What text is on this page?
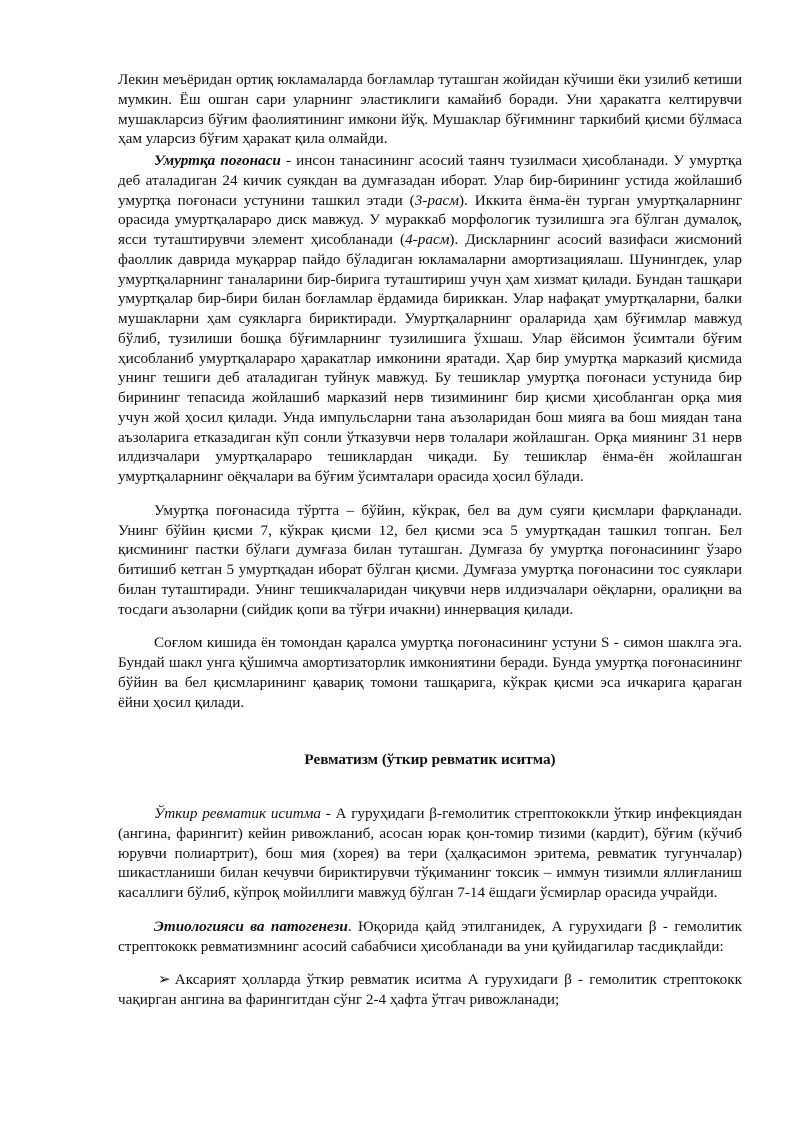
Лекин меъёридан ортиқ юкламаларда боғламлар туташган жойидан кўчиши ёки узилиб кетиши мумкин. Ёш ошган сари уларнинг эластиклиги камайиб боради. Уни ҳаракатга келтирувчи мушакларсиз бўғим фаолиятининг имкони йўқ. Мушаклар бўғимнинг таркибий қисми бўлмаса ҳам уларсиз бўғим ҳаракат қила олмайди.

Умуртқа поғонаси - инсон танасининг асосий таянч тузилмаси ҳисобланади. У умуртқа деб аталадиган 24 кичик суякдан ва думғазадан иборат. Улар бир-бирининг устида жойлашиб умуртқа поғонаси устунини ташкил этади (3-расм). Иккита ёнма-ён турган умуртқаларнинг орасида умуртқалараро диск мавжуд. У мураккаб морфологик тузилишга эга бўлган думалоқ, ясси туташтирувчи элемент ҳисобланади (4-расм). Дискларнинг асосий вазифаси жисмоний фаоллик даврида муқаррар пайдо бўладиган юкламаларни амортизациялаш. Шунингдек, улар умуртқаларнинг таналарини бир-бирига туташтириш учун ҳам хизмат қилади. Бундан ташқари умуртқалар бир-бири билан боғламлар ёрдамида бириккан. Улар нафақат умуртқаларни, балки мушакларни ҳам суякларга бириктиради. Умуртқаларнинг ораларида ҳам бўғимлар мавжуд бўлиб, тузилиши бошқа бўғимларнинг тузилишига ўхшаш. Улар ёйсимон ўсимтали бўғим ҳисобланиб умуртқалараро ҳаракатлар имконини яратади. Ҳар бир умуртқа марказий қисмида унинг тешиги деб аталадиган туйнук мавжуд. Бу тешиклар умуртқа поғонаси устунида бир бирининг тепасида жойлашиб марказий нерв тизимининг бир қисми ҳисобланган орқа мия учун жой ҳосил қилади. Унда импульсларни тана аъзоларидан бош мияга ва бош миядан тана аъзоларига етказадиган кўп сонли ўтказувчи нерв толалари жойлашган. Орқа миянинг 31 нерв илдизчалари умуртқалараро тешиклардан чиқади. Бу тешиклар ёнма-ён жойлашган умуртқаларнинг оёқчалари ва бўғим ўсимталари орасида ҳосил бўлади.

Умуртқа поғонасида тўртта – бўйин, кўкрак, бел ва дум суяги қисмлари фарқланади. Унинг бўйин қисми 7, кўкрак қисми 12, бел қисми эса 5 умуртқадан ташкил топган. Бел қисмининг пастки бўлаги думғаза билан туташган. Думғаза бу умуртқа поғонасининг ўзаро битишиб кетган 5 умуртқадан иборат бўлган қисми. Думғаза умуртқа поғонасини тос суяклари билан туташтиради. Унинг тешикчаларидан чиқувчи нерв илдизчалари оёқларни, оралиқни ва тосдаги аъзоларни (сийдик қопи ва тўғри ичакни) иннервация қилади.

Соғлом кишида ён томондан қаралса умуртқа поғонасининг устуни S - симон шаклга эга. Бундай шакл унга қўшимча амортизаторлик имкониятини беради. Бунда умуртқа поғонасининг бўйин ва бел қисмларининг қавариқ томони ташқарига, кўкрак қисми эса ичкарига қараган ёйни ҳосил қилади.

Ревматизм (ўткир ревматик иситма)

Ўткир ревматик иситма - А гуруҳидаги β-гемолитик стрептококкли ўткир инфекциядан (ангина, фарингит) кейин ривожланиб, асосан юрак қон-томир тизими (кардит), бўғим (кўчиб юрувчи полиартрит), бош мия (хорея) ва тери (ҳалқасимон эритема, ревматик тугунчалар) шикастланиши билан кечувчи бириктирувчи тўқиманинг токсик – иммун тизимли яллиғланиш касаллиги бўлиб, кўпроқ мойиллиги мавжуд бўлган 7-14 ёшдаги ўсмирлар орасида учрайди.

Этиологияси ва патогенези. Юқорида қайд этилганидек, А гурухидаги β - гемолитик стрептококк ревматизмнинг асосий сабабчиси ҳисобланади ва уни қуйидагилар тасдиқлайди:

➢ Аксарият ҳолларда ўткир ревматик иситма А гурухидаги β - гемолитик стрептококк чақирган ангина ва фарингитдан сўнг 2-4 ҳафта ўтгач ривожланади;
